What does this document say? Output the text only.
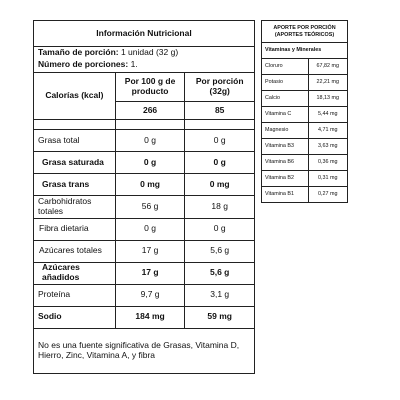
Información Nutricional		
Tamaño de porción: 1 unidad (32 g)		
Número de porciones: 1.		
Calorías (kcal)	Por 100 g de producto	Por porción (32g)
	266	85

Grasa total	0 g	0 g
Grasa saturada	0 g	0 g
Grasa trans	0 mg	0 mg
Carbohidratos totales	56 g	18 g
Fibra dietaria	0 g	0 g
Azúcares totales	17 g	5,6 g
Azúcares añadidos	17 g	5,6 g
Proteína	9,7 g	3,1 g
Sodio	184 mg	59 mg
No es una fuente significativa de Grasas, Vitamina D, Hierro, Zinc, Vitamina A, y fibra		
APORTE POR PORCIÓN (APORTES TEÓRICOS)	
Vitaminas y Minerales	
Cloruro	67,82 mg
Potasio	22,21 mg
Calcio	18,13 mg
Vitamina C	5,44 mg
Magnesio	4,71 mg
Vitamina B3	3,63 mg
Vitamina B6	0,36 mg
Vitamina B2	0,31 mg
Vitamina B1	0,27 mg
